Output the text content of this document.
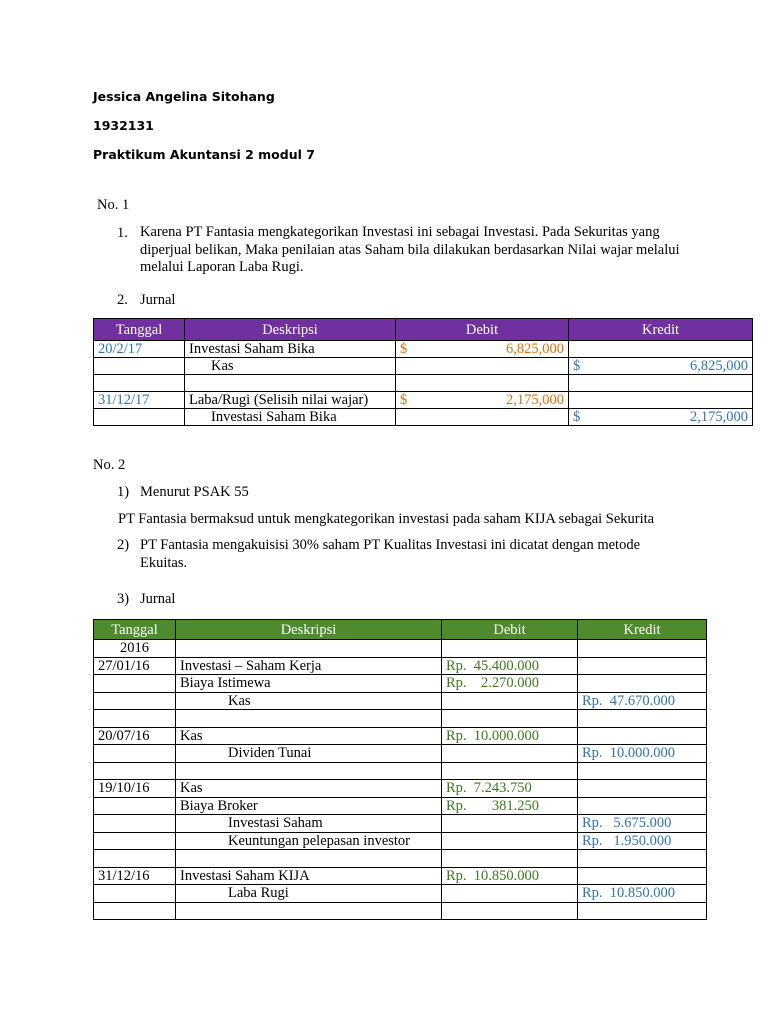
Jessica Angelina Sitohang
1932131
Praktikum Akuntansi 2 modul 7
No. 1
1. Karena PT Fantasia mengkategorikan Investasi ini sebagai Investasi. Pada Sekuritas yang diperjual belikan, Maka penilaian atas Saham bila dilakukan berdasarkan Nilai wajar melalui melalui Laporan Laba Rugi.
2. Jurnal
Tanggal	Deskripsi	Debit	Kredit
20/2/17	Investasi Saham Bika	$ 6,825,000	

	Kas		$ 6,825,000

31/12/17	Laba/Rugi (Selisih nilai wajar)	$ 2,175,000	

	Investasi Saham Bika		$ 2,175,000
No. 2
1) Menurut PSAK 55
PT Fantasia bermaksud untuk mengkategorikan investasi pada saham KIJA sebagai Sekurita
2) PT Fantasia mengakuisisi 30% saham PT Kualitas Investasi ini dicatat dengan metode Ekuitas.
3) Jurnal
Tanggal	Deskripsi	Debit	Kredit
2016			
27/01/16	Investasi – Saham Kerja	Rp.  45.400.000	
	Biaya Istimewa	Rp.    2.270.000	
	Kas		Rp.  47.670.000

20/07/16	Kas	Rp.  10.000.000	
	Dividen Tunai		Rp.  10.000.000

19/10/16	Kas	Rp.  7.243.750	
	Biaya Broker	Rp.       381.250	
	Investasi Saham		Rp.   5.675.000
	Keuntungan pelepasan investor		Rp.   1.950.000

31/12/16	Investasi Saham KIJA	Rp.  10.850.000	
	Laba Rugi		Rp.  10.850.000
